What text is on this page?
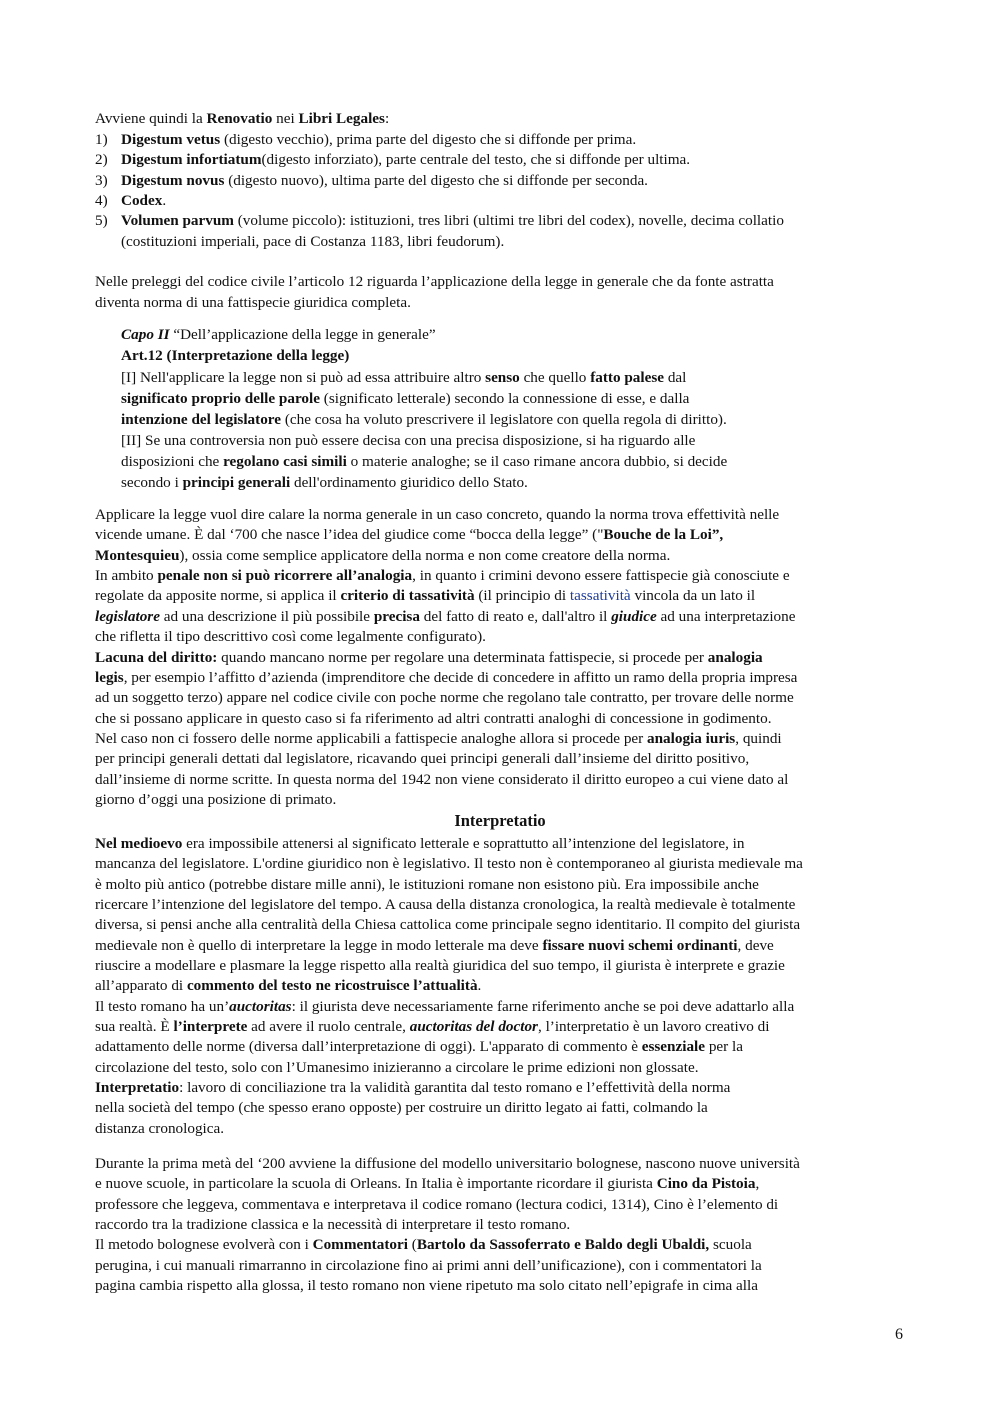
Avviene quindi la Renovatio nei Libri Legales:
1) Digestum vetus (digesto vecchio), prima parte del digesto che si diffonde per prima.
2) Digestum infortiatum(digesto inforziato), parte centrale del testo, che si diffonde per ultima.
3) Digestum novus (digesto nuovo), ultima parte del digesto che si diffonde per seconda.
4) Codex.
5) Volumen parvum (volume piccolo): istituzioni, tres libri (ultimi tre libri del codex), novelle, decima collatio
(costituzioni imperiali, pace di Costanza 1183, libri feudorum).
Nelle preleggi del codice civile l’articolo 12 riguarda l’applicazione della legge in generale che da fonte astratta
diventa norma di una fattispecie giuridica completa.
Capo II “Dell’applicazione della legge in generale”
Art.12 (Interpretazione della legge)
[I] Nell'applicare la legge non si può ad essa attribuire altro senso che quello fatto palese dal
significato proprio delle parole (significato letterale) secondo la connessione di esse, e dalla
intenzione del legislatore (che cosa ha voluto prescrivere il legislatore con quella regola di diritto).
[II] Se una controversia non può essere decisa con una precisa disposizione, si ha riguardo alle
disposizioni che regolano casi simili o materie analoghe; se il caso rimane ancora dubbio, si decide
secondo i principi generali dell'ordinamento giuridico dello Stato.
Applicare la legge vuol dire calare la norma generale in un caso concreto, quando la norma trova effettività nelle
vicende umane. È dal ‘700 che nasce l’idea del giudice come “bocca della legge” ("Bouche de la Loi”,
Montesquieu), ossia come semplice applicatore della norma e non come creatore della norma.
In ambito penale non si può ricorrere all’analogia, in quanto i crimini devono essere fattispecie già conosciute e
regolate da apposite norme, si applica il criterio di tassatività (il principio di tassatività vincola da un lato il
legislatore ad una descrizione il più possibile precisa del fatto di reato e, dall'altro il giudice ad una interpretazione
che rifletta il tipo descrittivo così come legalmente configurato).
Lacuna del diritto: quando mancano norme per regolare una determinata fattispecie, si procede per analogia
legis, per esempio l’affitto d’azienda (imprenditore che decide di concedere in affitto un ramo della propria impresa
ad un soggetto terzo) appare nel codice civile con poche norme che regolano tale contratto, per trovare delle norme
che si possano applicare in questo caso si fa riferimento ad altri contratti analoghi di concessione in godimento.
Nel caso non ci fossero delle norme applicabili a fattispecie analoghe allora si procede per analogia iuris, quindi
per principi generali dettati dal legislatore, ricavando quei principi generali dall’insieme del diritto positivo,
dall’insieme di norme scritte. In questa norma del 1942 non viene considerato il diritto europeo a cui viene dato al
giorno d’oggi una posizione di primato.
Interpretatio
Nel medioevo era impossibile attenersi al significato letterale e soprattutto all’intenzione del legislatore, in
mancanza del legislatore. L'ordine giuridico non è legislativo. Il testo non è contemporaneo al giurista medievale ma
è molto più antico (potrebbe distare mille anni), le istituzioni romane non esistono più. Era impossibile anche
ricercare l’intenzione del legislatore del tempo. A causa della distanza cronologica, la realtà medievale è totalmente
diversa, si pensi anche alla centralità della Chiesa cattolica come principale segno identitario. Il compito del giurista
medievale non è quello di interpretare la legge in modo letterale ma deve fissare nuovi schemi ordinanti, deve
riuscire a modellare e plasmare la legge rispetto alla realtà giuridica del suo tempo, il giurista è interprete e grazie
all’apparato di commento del testo ne ricostruisce l’attualità.
Il testo romano ha un’auctoritas: il giurista deve necessariamente farne riferimento anche se poi deve adattarlo alla
sua realtà. È l’interprete ad avere il ruolo centrale, auctoritas del doctor, l’interpretatio è un lavoro creativo di
adattamento delle norme (diversa dall’interpretazione di oggi). L'apparato di commento è essenziale per la
circolazione del testo, solo con l’Umanesimo inizieranno a circolare le prime edizioni non glossate.
Interpretatio: lavoro di conciliazione tra la validità garantita dal testo romano e l’effettività della norma
nella società del tempo (che spesso erano opposte) per costruire un diritto legato ai fatti, colmando la
distanza cronologica.
Durante la prima metà del ‘200 avviene la diffusione del modello universitario bolognese, nascono nuove università
e nuove scuole, in particolare la scuola di Orleans. In Italia è importante ricordare il giurista Cino da Pistoia,
professore che leggeva, commentava e interpretava il codice romano (lectura codici, 1314), Cino è l’elemento di
raccordo tra la tradizione classica e la necessità di interpretare il testo romano.
Il metodo bolognese evolverà con i Commentatori (Bartolo da Sassoferrato e Baldo degli Ubaldi, scuola
perugina, i cui manuali rimarranno in circolazione fino ai primi anni dell’unificazione), con i commentatori la
pagina cambia rispetto alla glossa, il testo romano non viene ripetuto ma solo citato nell’epigrafe in cima alla
6
